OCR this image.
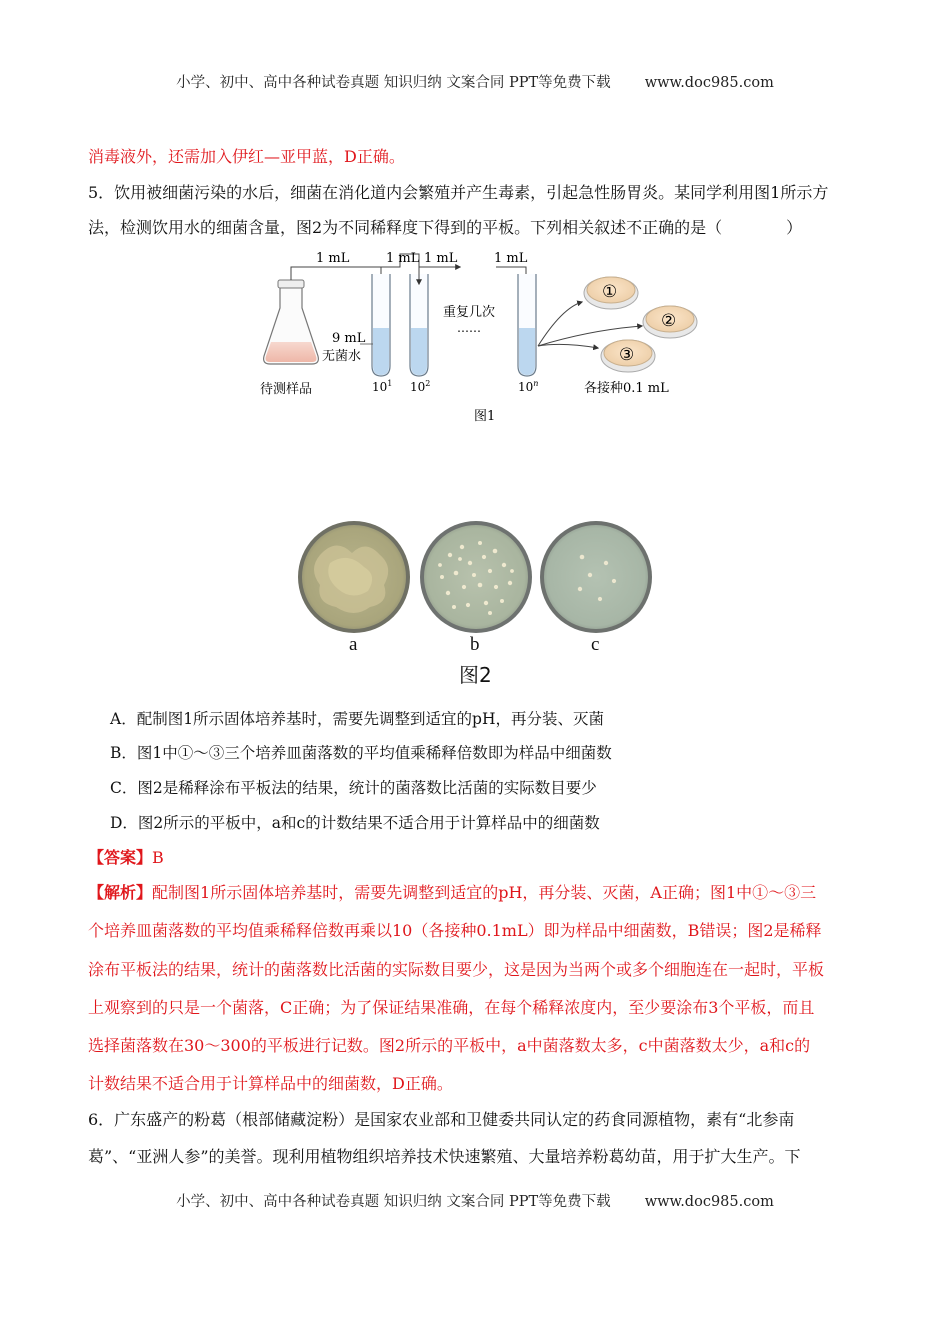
小学、初中、高中各种试卷真题 知识归纳 文案合同 PPT等免费下载 www.doc985.com
消毒液外，还需加入伊红—亚甲蓝，D正确。
5．饮用被细菌污染的水后，细菌在消化道内会繁殖并产生毒素，引起急性肠胃炎。某同学利用图1所示方
法，检测饮用水的细菌含量，图2为不同稀释度下得到的平板。下列相关叙述不正确的是（　　　　）
1 mL	1 mL 1 mL
重复几次
……
1 mL
9 mL
无菌水
$10^1$ $10^2$	10$^n$
待测样品
①
②
③
各接种0.1 mL
图1
a	b	c
图2
A．配制图1所示固体培养基时，需要先调整到适宜的pH，再分装、灭菌
B．图1中①～③三个培养皿菌落数的平均值乘稀释倍数即为样品中细菌数
C．图2是稀释涂布平板法的结果，统计的菌落数比活菌的实际数目要少
D．图2所示的平板中，a和c的计数结果不适合用于计算样品中的细菌数
【答案】B
【解析】配制图1所示固体培养基时，需要先调整到适宜的pH，再分装、灭菌，A正确；图1中①～③三
个培养皿菌落数的平均值乘稀释倍数再乘以10（各接种0.1mL）即为样品中细菌数，B错误；图2是稀释
涂布平板法的结果，统计的菌落数比活菌的实际数目要少，这是因为当两个或多个细胞连在一起时，平板
上观察到的只是一个菌落，C正确；为了保证结果准确，在每个稀释浓度内，至少要涂布3个平板，而且
选择菌落数在30～300的平板进行记数。图2所示的平板中，a中菌落数太多，c中菌落数太少，a和c的
计数结果不适合用于计算样品中的细菌数，D正确。
6．广东盛产的粉葛（根部储藏淀粉）是国家农业部和卫健委共同认定的药食同源植物，素有“北参南
葛”、“亚洲人参”的美誉。现利用植物组织培养技术快速繁殖、大量培养粉葛幼苗，用于扩大生产。下
小学、初中、高中各种试卷真题 知识归纳 文案合同 PPT等免费下载 www.doc985.com
